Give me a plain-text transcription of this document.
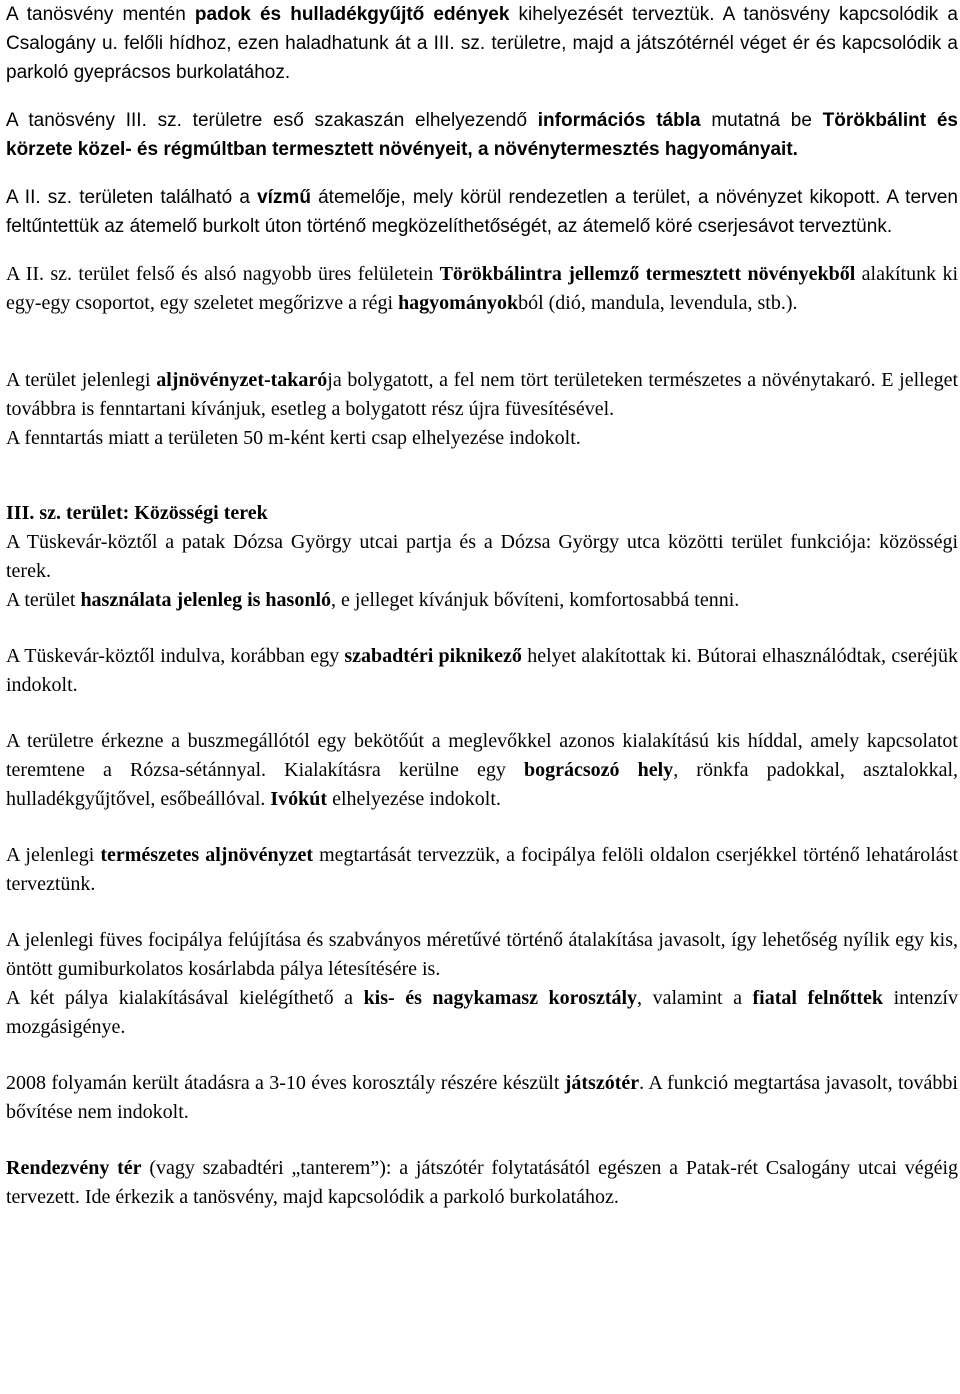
A tanösvény mentén padok és hulladékgyűjtő edények kihelyezését terveztük. A tanösvény kapcsolódik a Csalogány u. felőli hídhoz, ezen haladhatunk át a III. sz. területre, majd a játszótérnél véget ér és kapcsolódik a parkoló gyeprácsos burkolatához.

A tanösvény III. sz. területre eső szakaszán elhelyezendő információs tábla mutatná be Törökbálint és körzete közel- és régmúltban termesztett növényeit, a növénytermesztés hagyományait.

A II. sz. területen található a vízmű átemelője, mely körül rendezetlen a terület, a növényzet kikopott. A terven feltűntettük az átemelő burkolt úton történő megközelíthetőségét, az átemelő köré cserjesávot terveztünk.

A II. sz. terület felső és alsó nagyobb üres felületein Törökbálintra jellemző termesztett növényekből alakítunk ki egy-egy csoportot, egy szeletet megőrizve a régi hagyományokból (dió, mandula, levendula, stb.).

A terület jelenlegi aljnövényzet-takarója bolygatott, a fel nem tört területeken természetes a növénytakaró. E jelleget továbbra is fenntartani kívánjuk, esetleg a bolygatott rész újra füvesítésével.

A fenntartás miatt a területen 50 m-ként kerti csap elhelyezése indokolt.

III. sz. terület: Közösségi terek

A Tüskevár-köztől a patak Dózsa György utcai partja és a Dózsa György utca közötti terület funkciója: közösségi terek.

A terület használata jelenleg is hasonló, e jelleget kívánjuk bővíteni, komfortosabbá tenni.

A Tüskevár-köztől indulva, korábban egy szabadtéri piknikező helyet alakítottak ki. Bútorai elhasználódtak, cseréjük indokolt.

A területre érkezne a buszmegállótól egy bekötőút a meglevőkkel azonos kialakítású kis híddal, amely kapcsolatot teremtene a Rózsa-sétánnyal. Kialakításra kerülne egy bográcsozó hely, rönkfa padokkal, asztalokkal, hulladékgyűjtővel, esőbeállóval. Ivókút elhelyezése indokolt.

A jelenlegi természetes aljnövényzet megtartását tervezzük, a focipálya felöli oldalon cserjékkel történő lehatárolást terveztünk.

A jelenlegi füves focipálya felújítása és szabványos méretűvé történő átalakítása javasolt, így lehetőség nyílik egy kis, öntött gumiburkolatos kosárlabda pálya létesítésére is.

A két pálya kialakításával kielégíthető a kis- és nagykamasz korosztály, valamint a fiatal felnőttek intenzív mozgásigénye.

2008 folyamán került átadásra a 3-10 éves korosztály részére készült játszótér. A funkció megtartása javasolt, további bővítése nem indokolt.

Rendezvény tér (vagy szabadtéri „tanterem”): a játszótér folytatásától egészen a Patak-rét Csalogány utcai végéig tervezett. Ide érkezik a tanösvény, majd kapcsolódik a parkoló burkolatához.
